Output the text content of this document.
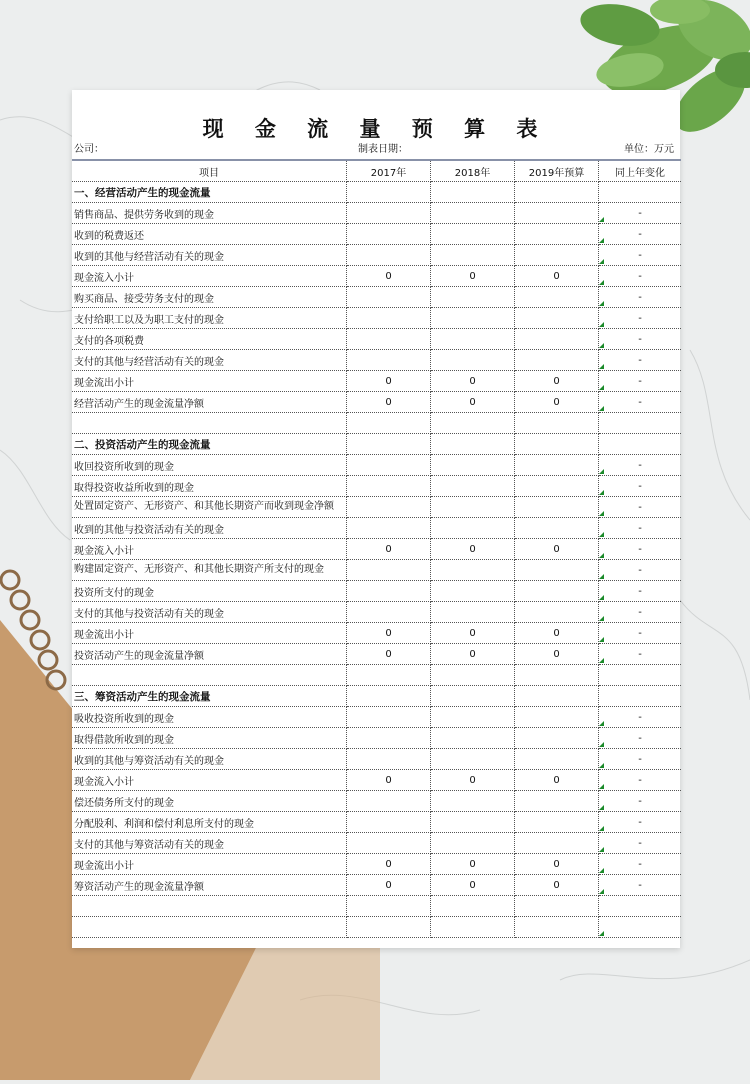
现 金 流 量 预 算 表
公司：	制表日期：	单位：万元
项目	2017年	2018年	2019年预算	同上年变化
一、经营活动产生的现金流量				
销售商品、提供劳务收到的现金				-
收到的税费返还				-
收到的其他与经营活动有关的现金				-
现金流入小计	0	0	0	-
购买商品、接受劳务支付的现金				-
支付给职工以及为职工支付的现金				-
支付的各项税费				-
支付的其他与经营活动有关的现金				-
现金流出小计	0	0	0	-
经营活动产生的现金流量净额	0	0	0	-

二、投资活动产生的现金流量				
收回投资所收到的现金				-
取得投资收益所收到的现金				-
处置固定资产、无形资产、和其他长期资产而收到现金净额				-
收到的其他与投资活动有关的现金				-
现金流入小计	0	0	0	-
购建固定资产、无形资产、和其他长期资产所支付的现金				-
投资所支付的现金				-
支付的其他与投资活动有关的现金				-
现金流出小计	0	0	0	-
投资活动产生的现金流量净额	0	0	0	-

三、筹资活动产生的现金流量				
吸收投资所收到的现金				-
取得借款所收到的现金				-
收到的其他与筹资活动有关的现金				-
现金流入小计	0	0	0	-
偿还债务所支付的现金				-
分配股利、利润和偿付利息所支付的现金				-
支付的其他与筹资活动有关的现金				-
现金流出小计	0	0	0	-
筹资活动产生的现金流量净额	0	0	0	-
